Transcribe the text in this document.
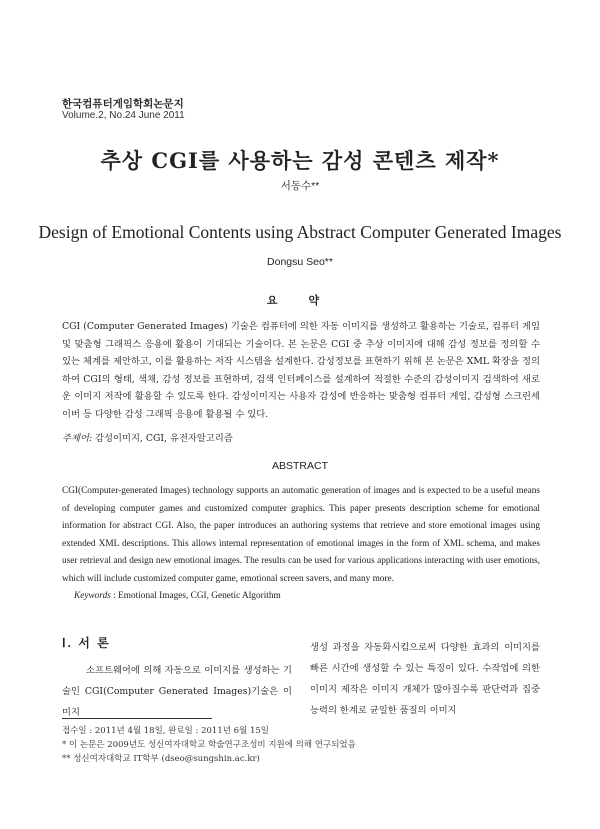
한국컴퓨터게임학회논문지
Volume.2, No.24 June 2011
추상 CGI를 사용하는 감성 콘텐츠 제작*
서동수**
Design of Emotional Contents using Abstract Computer Generated Images
Dongsu Seo**
요 약
CGI (Computer Generated Images) 기술은 컴퓨터에 의한 자동 이미지를 생성하고 활용하는 기술로, 컴퓨터 게임 및 맞춤형 그래픽스 응용에 활용이 기대되는 기술이다. 본 논문은 CGI 중 추상 이미지에 대해 감성 정보를 정의할 수 있는 체계를 제안하고, 이를 활용하는 저작 시스템을 설계한다. 감성정보를 표현하기 위해 본 논문은 XML 확장을 정의하여 CGI의 형태, 색채, 감성 정보를 표현하며, 검색 인터페이스를 설계하여 적절한 수준의 감성이미지 검색하여 새로운 이미지 저작에 활용할 수 있도록 한다. 감성이미지는 사용자 감성에 반응하는 맞춤형 컴퓨터 게임, 감성형 스크린세이버 등 다양한 감성 그래픽 응용에 활용될 수 있다.
주제어: 감성이미지, CGI, 유전자알고리즘
ABSTRACT
CGI(Computer-generated Images) technology supports an automatic generation of images and is expected to be a useful means of developing computer games and customized computer graphics. This paper presents description scheme for emotional information for abstract CGI. Also, the paper introduces an authoring systems that retrieve and store emotional images using extended XML descriptions. This allows internal representation of emotional images in the form of XML schema, and makes user retrieval and design new emotional images. The results can be used for various applications interacting with user emotions, which will include customized computer game, emotional screen savers, and many more.
Keywords : Emotional Images, CGI, Genetic Algorithm
Ⅰ. 서 론
소프트웨어에 의해 자동으로 이미지를 생성하는 기술인 CGI(Computer Generated Images)기술은 이미지
생성 과정을 자동화시킴으로써 다양한 효과의 이미지를 빠른 시간에 생성할 수 있는 특징이 있다. 수작업에 의한 이미지 제작은 이미지 개체가 많아질수록 판단력과 집중능력의 한계로 균일한 품질의 이미지
접수일 : 2011년 4월 18일, 완료일 : 2011년 6월 15일
* 이 논문은 2009년도 성신여자대학교 학술연구조성비 지원에 의해 연구되었음
** 성신여자대학교 IT학부 (dseo@sungshin.ac.kr)
